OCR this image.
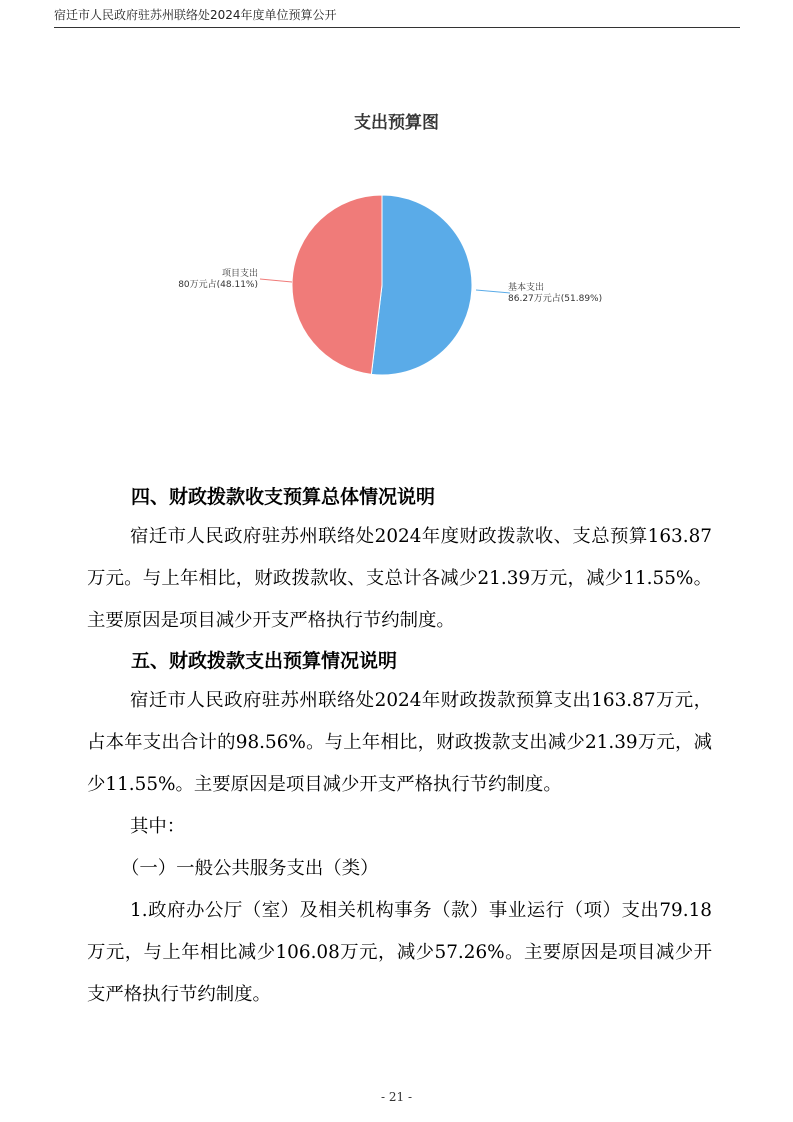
宿迁市人民政府驻苏州联络处2024年度单位预算公开
支出预算图
基本支出
86.27万元占(51.89%)
项目支出
80万元占(48.11%)
四、财政拨款收支预算总体情况说明

宿迁市人民政府驻苏州联络处2024年度财政拨款收、支总预算163.87万元。与上年相比，财政拨款收、支总计各减少21.39万元，减少11.55%。主要原因是项目减少开支严格执行节约制度。

五、财政拨款支出预算情况说明

宿迁市人民政府驻苏州联络处2024年财政拨款预算支出163.87万元，占本年支出合计的98.56%。与上年相比，财政拨款支出减少21.39万元，减少11.55%。主要原因是项目减少开支严格执行节约制度。

其中：

（一）一般公共服务支出（类）

1.政府办公厅（室）及相关机构事务（款）事业运行（项）支出79.18万元，与上年相比减少106.08万元，减少57.26%。主要原因是项目减少开支严格执行节约制度。

- 21 -
